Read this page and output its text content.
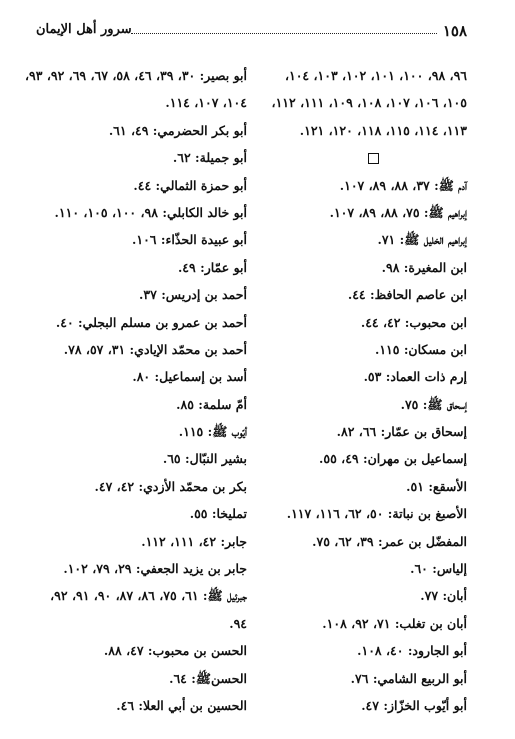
١٥٨
سرور أهل الإيمان
٩٦، ٩٨، ١٠٠، ١٠١، ١٠٢، ١٠٣، ١٠٤،
١٠٥، ١٠٦، ١٠٧، ١٠٨، ١٠٩، ١١١، ١١٢،
١١٣، ١١٤، ١١٥، ١١٨، ١٢٠، ١٢١.
آدم ﷺ: ٣٧، ٨٨، ٨٩، ١٠٧.
إبراهيم ﷺ: ٧٥، ٨٨، ٨٩، ١٠٧.
إبراهيم الخليل ﷺ: ٧١.
ابن المغيرة: ٩٨.
ابن عاصم الحافظ: ٤٤.
ابن محبوب: ٤٢، ٤٤.
ابن مسكان: ١١٥.
إرم ذات العماد: ٥٣.
إسحاق ﷺ: ٧٥.
إسحاق بن عمّار: ٦٦، ٨٢.
إسماعيل بن مهران: ٤٩، ٥٥.
الأسقع: ٥١.
الأصبغ بن نباتة: ٥٠، ٦٢، ١١٦، ١١٧.
المفضّل بن عمر: ٣٩، ٦٢، ٧٥.
إلياس: ٦٠.
أبان: ٧٧.
أبان بن تغلب: ٧١، ٩٢، ١٠٨.
أبو الجارود: ٤٠، ١٠٨.
أبو الربيع الشامي: ٧٦.
أبو أيّوب الخزّاز: ٤٧.
أبو بصير: ٣٠، ٣٩، ٤٦، ٥٨، ٦٧، ٦٩، ٩٢، ٩٣،
١٠٤، ١٠٧، ١١٤.
أبو بكر الحضرمي: ٤٩، ٦١.
أبو جميلة: ٦٢.
أبو حمزة الثمالي: ٤٤.
أبو خالد الكابلي: ٩٨، ١٠٠، ١٠٥، ١١٠.
أبو عبيدة الحذّاء: ١٠٦.
أبو عمّار: ٤٩.
أحمد بن إدريس: ٣٧.
أحمد بن عمرو بن مسلم البجلي: ٤٠.
أحمد بن محمّد الإيادي: ٣١، ٥٧، ٧٨.
أسد بن إسماعيل: ٨٠.
أمّ سلمة: ٨٥.
أيّوب ﷺ: ١١٥.
بشير النبّال: ٦٥.
بكر بن محمّد الأزدي: ٤٢، ٤٧.
تمليخا: ٥٥.
جابر: ٤٢، ١١١، ١١٢.
جابر بن يزيد الجعفي: ٢٩، ٧٩، ١٠٢.
جبرئيل ﷺ: ٦١، ٧٥، ٨٦، ٨٧، ٩٠، ٩١، ٩٢،
٩٤.
الحسن بن محبوب: ٤٧، ٨٨.
الحسنﷺ: ٦٤.
الحسين بن أبي العلا: ٤٦.
